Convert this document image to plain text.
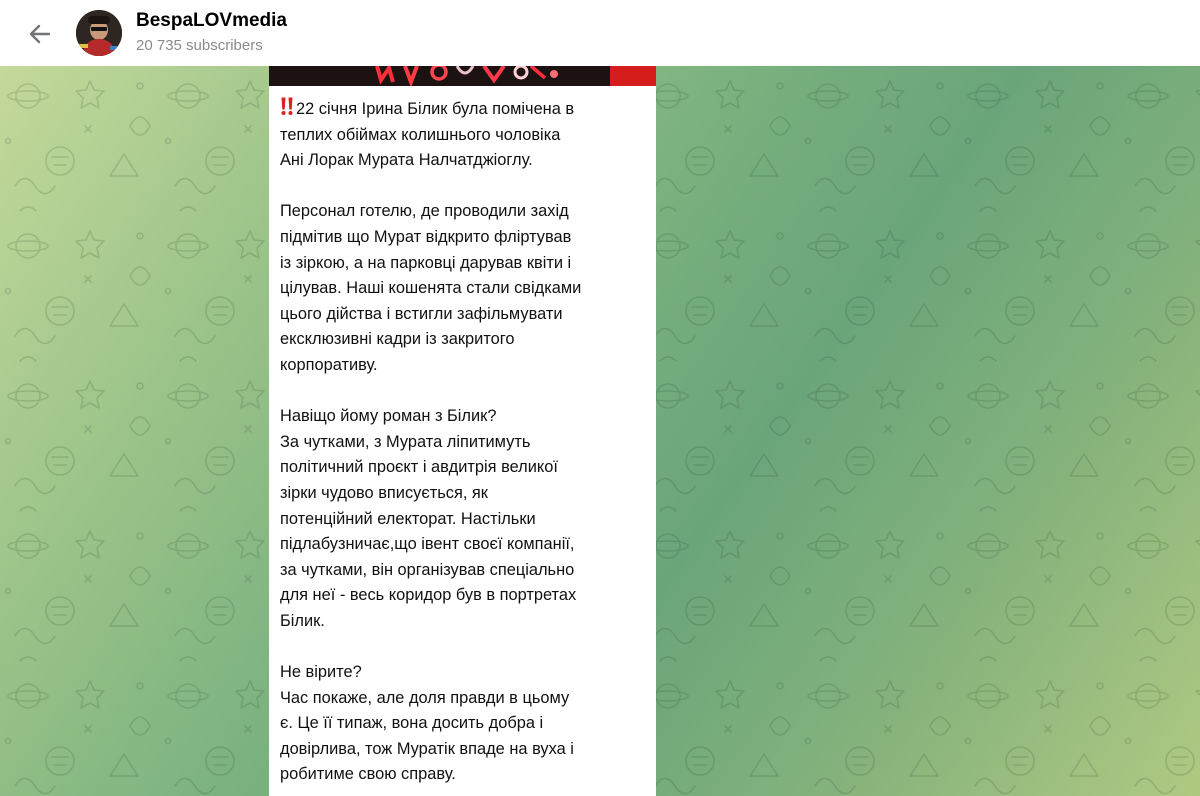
BespaLOVmedia
20 735 subscribers

22 січня Ірина Білик була помічена в
теплих обіймах колишнього чоловіка
Ані Лорак Мурата Налчатджіоглу.

Персонал готелю, де проводили захід
підмітив що Мурат відкрито фліртував
із зіркою, а на парковці дарував квіти і
цілував. Наші кошенята стали свідками
цього дійства і встигли зафільмувати
ексклюзивні кадри із закритого
корпоративу.

Навіщо йому роман з Білик?
За чутками, з Мурата ліпитимуть
політичний проєкт і авдитрія великої
зірки чудово вписується, як
потенційний електорат. Настільки
підлабузничає,що івент своєї компанії,
за чутками, він організував спеціально
для неї - весь коридор був в портретах
Білик.

Не вірите?
Час покаже, але доля правди в цьому
є. Це її типаж, вона досить добра і
довірлива, тож Муратік впаде на вуха і
робитиме свою справу.
